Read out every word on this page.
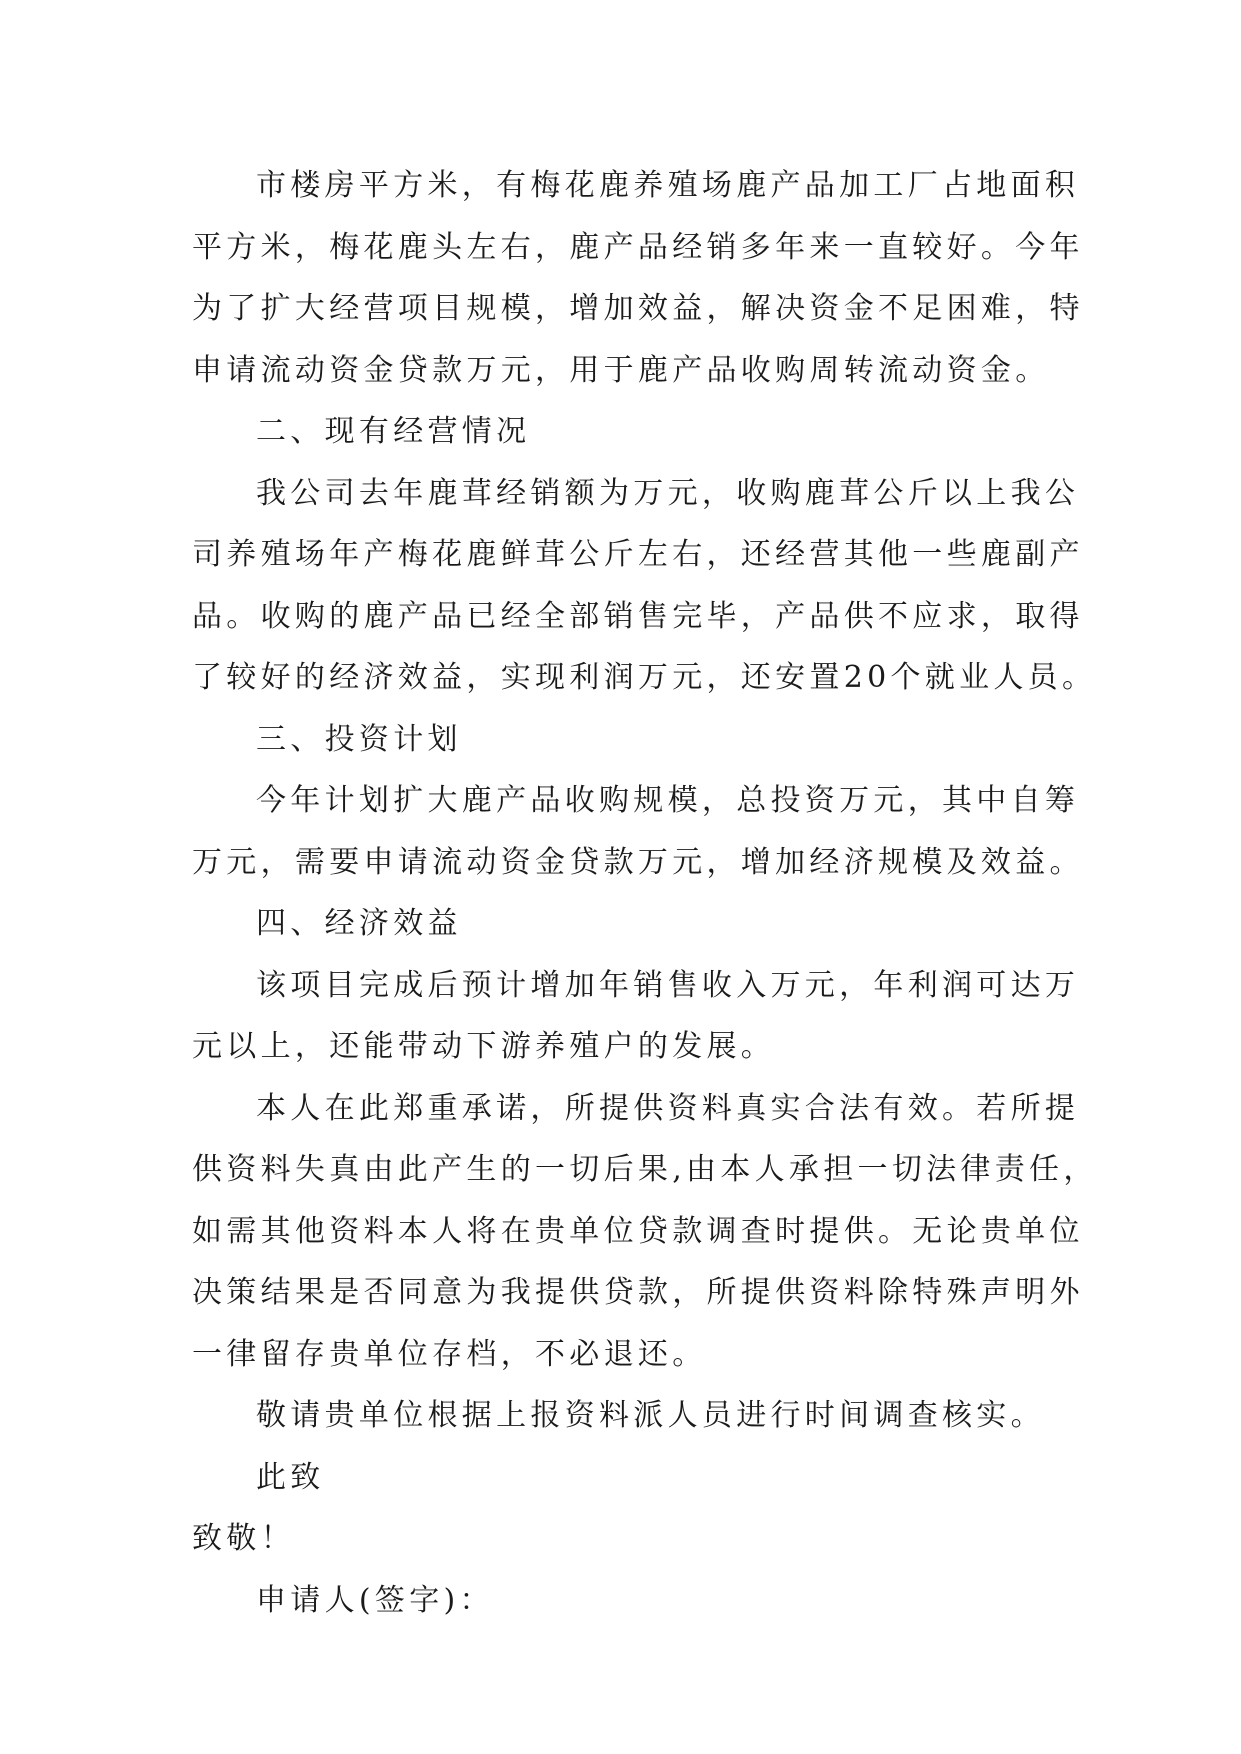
市楼房平方米，有梅花鹿养殖场鹿产品加工厂占地面积
平方米，梅花鹿头左右，鹿产品经销多年来一直较好。今年
为了扩大经营项目规模，增加效益，解决资金不足困难，特
申请流动资金贷款万元，用于鹿产品收购周转流动资金。
二、现有经营情况
我公司去年鹿茸经销额为万元，收购鹿茸公斤以上我公
司养殖场年产梅花鹿鲜茸公斤左右，还经营其他一些鹿副产
品。收购的鹿产品已经全部销售完毕，产品供不应求，取得
了较好的经济效益，实现利润万元，还安置20个就业人员。
三、投资计划
今年计划扩大鹿产品收购规模，总投资万元，其中自筹
万元，需要申请流动资金贷款万元，增加经济规模及效益。
四、经济效益
该项目完成后预计增加年销售收入万元，年利润可达万
元以上，还能带动下游养殖户的发展。
本人在此郑重承诺，所提供资料真实合法有效。若所提
供资料失真由此产生的一切后果,由本人承担一切法律责任，
如需其他资料本人将在贵单位贷款调查时提供。无论贵单位
决策结果是否同意为我提供贷款，所提供资料除特殊声明外
一律留存贵单位存档，不必退还。
敬请贵单位根据上报资料派人员进行时间调查核实。
此致
致敬！
申请人(签字)：
